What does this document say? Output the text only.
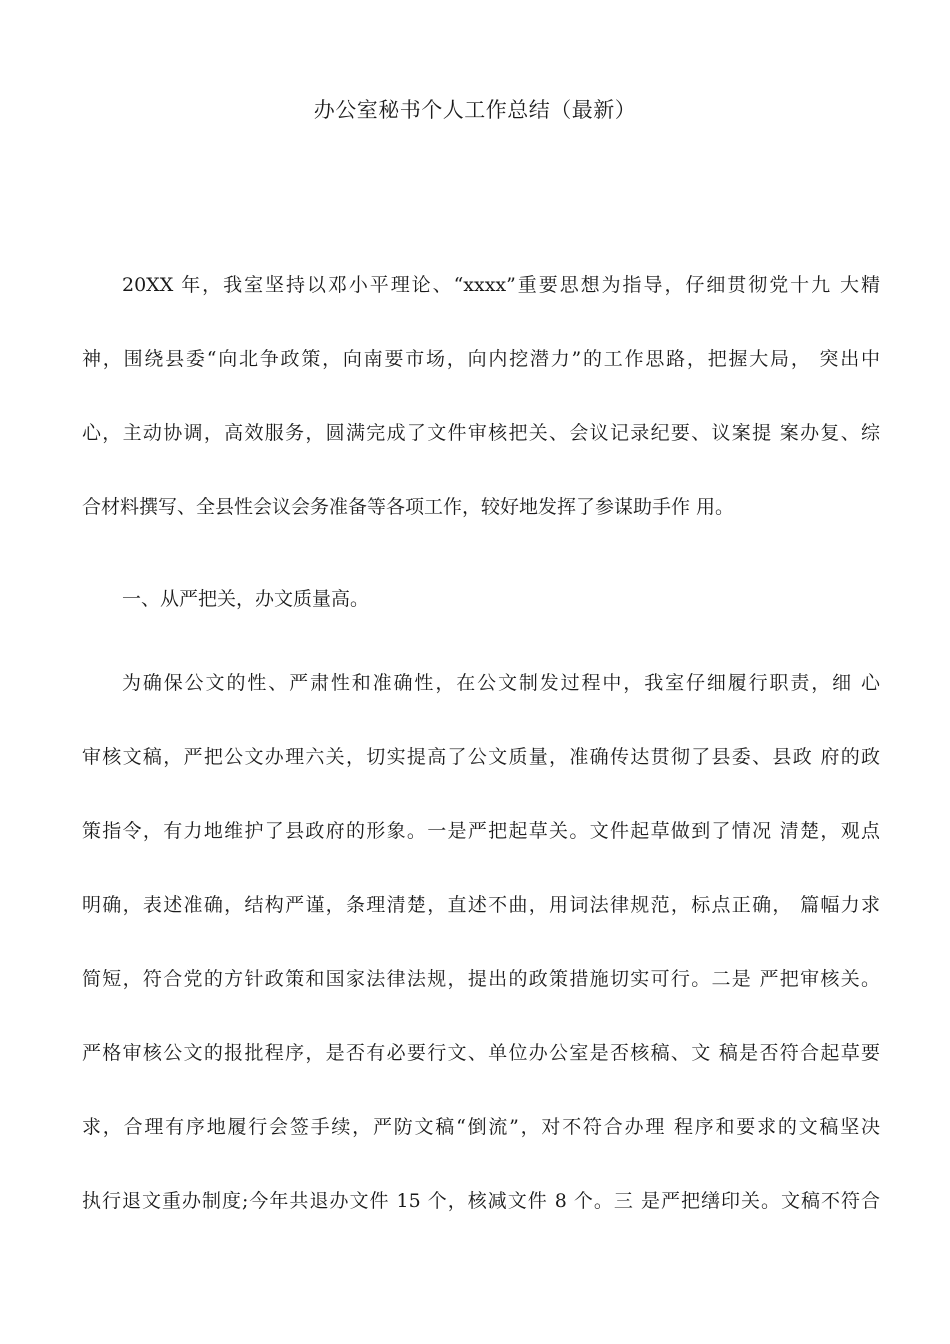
办公室秘书个人工作总结（最新）
20XX 年，我室坚持以邓小平理论、“xxxx”重要思想为指导，仔细贯彻党十九 大精
神，围绕县委“向北争政策，向南要市场，向内挖潜力”的工作思路，把握大局， 突出中
心，主动协调，高效服务，圆满完成了文件审核把关、会议记录纪要、议案提 案办复、综
合材料撰写、全县性会议会务准备等各项工作，较好地发挥了参谋助手作 用。
一、从严把关，办文质量高。
为确保公文的性、严肃性和准确性，在公文制发过程中，我室仔细履行职责，细 心
审核文稿，严把公文办理六关，切实提高了公文质量，准确传达贯彻了县委、县政 府的政
策指令，有力地维护了县政府的形象。一是严把起草关。文件起草做到了情况 清楚，观点
明确，表述准确，结构严谨，条理清楚，直述不曲，用词法律规范，标点正确， 篇幅力求
简短，符合党的方针政策和国家法律法规，提出的政策措施切实可行。二是 严把审核关。
严格审核公文的报批程序，是否有必要行文、单位办公室是否核稿、文 稿是否符合起草要
求，合理有序地履行会签手续，严防文稿“倒流”，对不符合办理 程序和要求的文稿坚决
执行退文重办制度;今年共退办文件 15 个，核减文件 8 个。三 是严把缮印关。文稿不符合
